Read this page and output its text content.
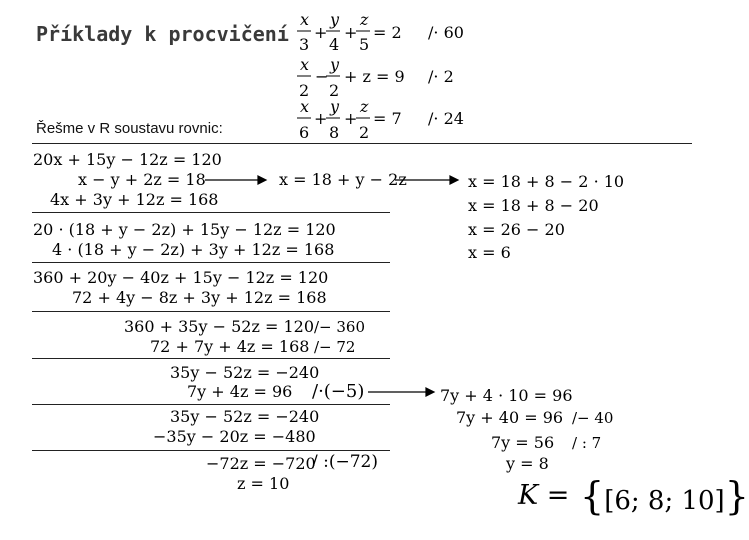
Příklady k procvičení
Řešme v R soustavu rovnic:
x
3
+
y
4
+
z
5
= 2 /· 60
x
2
−
y
2
+ z = 9 /· 2
x
6
+
y
8
+
z
2
= 7 /· 24
20x + 15y − 12z = 120
x − y + 2z = 18
4x + 3y + 12z = 168
x = 18 + y − 2z
20 · (18 + y − 2z) + 15y − 12z = 120
4 · (18 + y − 2z) + 3y + 12z = 168
360 + 20y − 40z + 15y − 12z = 120
72 + 4y − 8z + 3y + 12z = 168
360 + 35y − 52z = 120
72 + 7y + 4z = 168
/− 360
/− 72
35y − 52z = −240
7y + 4z = 96 /·(−5)
35y − 52z = −240
−35y − 20z = −480
−72z = −720
z = 10
/ :(−72)
x = 18 + 8 − 2 · 10
x = 18 + 8 − 20
x = 26 − 20
x = 6
7y + 4 · 10 = 96
7y + 40 = 96
7y = 56
y = 8
/− 40
/ : 7
K = {[6; 8; 10]}
